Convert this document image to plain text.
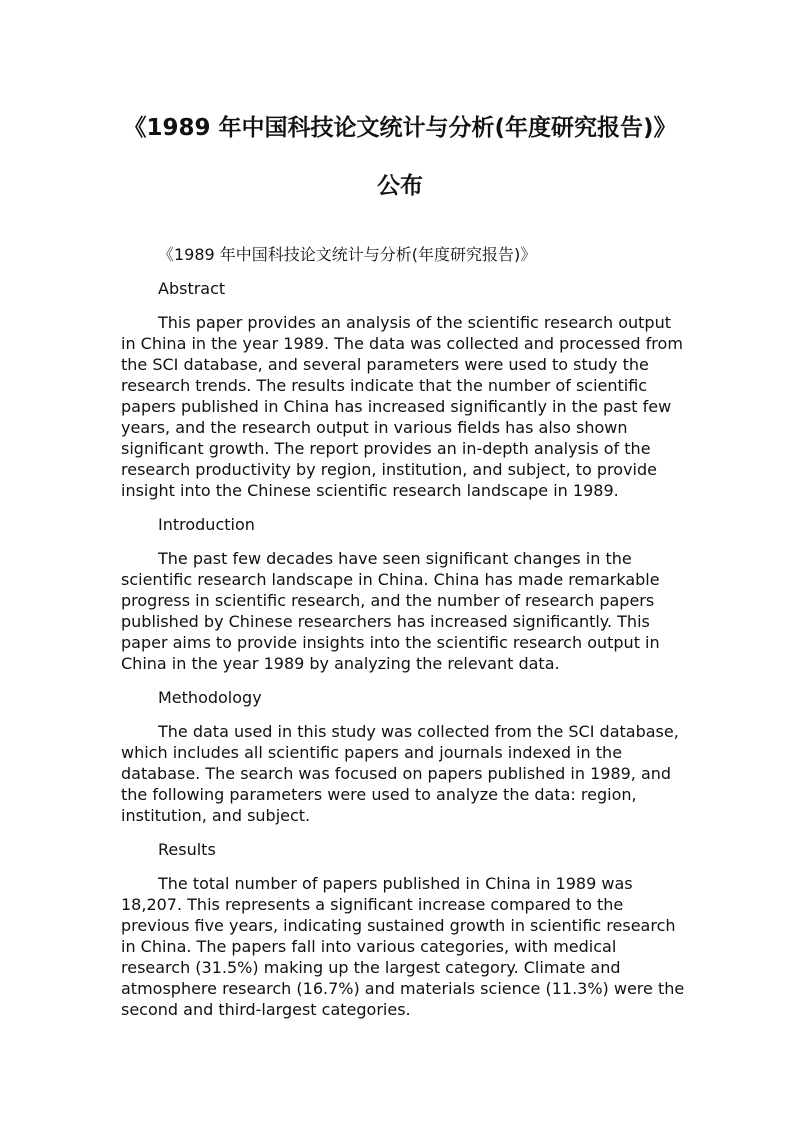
《1989 年中国科技论文统计与分析(年度研究报告)》
公布

《1989 年中国科技论文统计与分析(年度研究报告)》

Abstract

This paper provides an analysis of the scientific research output in China in the year 1989. The data was collected and processed from the SCI database, and several parameters were used to study the research trends. The results indicate that the number of scientific papers published in China has increased significantly in the past few years, and the research output in various fields has also shown significant growth. The report provides an in-depth analysis of the research productivity by region, institution, and subject, to provide insight into the Chinese scientific research landscape in 1989.

Introduction

The past few decades have seen significant changes in the scientific research landscape in China. China has made remarkable progress in scientific research, and the number of research papers published by Chinese researchers has increased significantly. This paper aims to provide insights into the scientific research output in China in the year 1989 by analyzing the relevant data.

Methodology

The data used in this study was collected from the SCI database, which includes all scientific papers and journals indexed in the database. The search was focused on papers published in 1989, and the following parameters were used to analyze the data: region, institution, and subject.

Results

The total number of papers published in China in 1989 was 18,207. This represents a significant increase compared to the previous five years, indicating sustained growth in scientific research in China. The papers fall into various categories, with medical research (31.5%) making up the largest category. Climate and atmosphere research (16.7%) and materials science (11.3%) were the second and third-largest categories.
